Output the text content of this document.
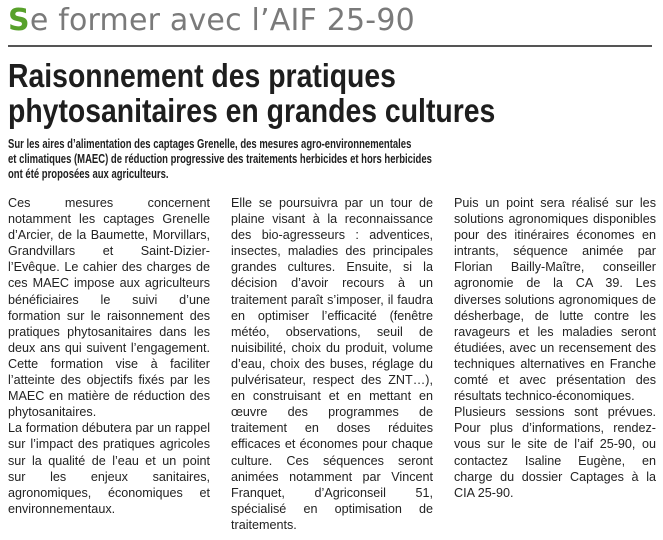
Se former avec l’AIF 25-90
Raisonnement des pratiques
phytosanitaires en grandes cultures
Sur les aires d’alimentation des captages Grenelle, des mesures agro-environnementales
et climatiques (MAEC) de réduction progressive des traitements herbicides et hors herbicides
ont été proposées aux agriculteurs.

Ces mesures concernent notamment les captages Grenelle d’Arcier, de la Baumette, Morvillars, Grandvillars et Saint-Dizier-l’Evêque. Le cahier des charges de ces MAEC impose aux agriculteurs bénéficiaires le suivi d’une formation sur le raisonnement des pratiques phytosanitaires dans les deux ans qui suivent l’engagement. Cette formation vise à faciliter l’atteinte des objectifs fixés par les MAEC en matière de réduction des phytosanitaires.

La formation débutera par un rappel sur l’impact des pratiques agricoles sur la qualité de l’eau et un point sur les enjeux sanitaires, agronomiques, économiques et environnementaux.

Elle se poursuivra par un tour de plaine visant à la reconnaissance des bio-agresseurs : adventices, insectes, maladies des principales grandes cultures. Ensuite, si la décision d’avoir recours à un traitement paraît s’imposer, il faudra en optimiser l’efficacité (fenêtre météo, observations, seuil de nuisibilité, choix du produit, volume d’eau, choix des buses, réglage du pulvérisateur, respect des ZNT…), en construisant et en mettant en œuvre des programmes de traitement en doses réduites efficaces et économes pour chaque culture. Ces séquences seront animées notamment par Vincent Franquet, d’Agriconseil 51, spécialisé en optimisation de traitements.

Puis un point sera réalisé sur les solutions agronomiques disponibles pour des itinéraires économes en intrants, séquence animée par Florian Bailly-Maître, conseiller agronomie de la CA 39. Les diverses solutions agronomiques de désherbage, de lutte contre les ravageurs et les maladies seront étudiées, avec un recensement des techniques alternatives en Franche comté et avec présentation des résultats technico-économiques.

Plusieurs sessions sont prévues. Pour plus d’informations, rendez-vous sur le site de l’aif 25-90, ou contactez Isaline Eugène, en charge du dossier Captages à la CIA 25-90.
